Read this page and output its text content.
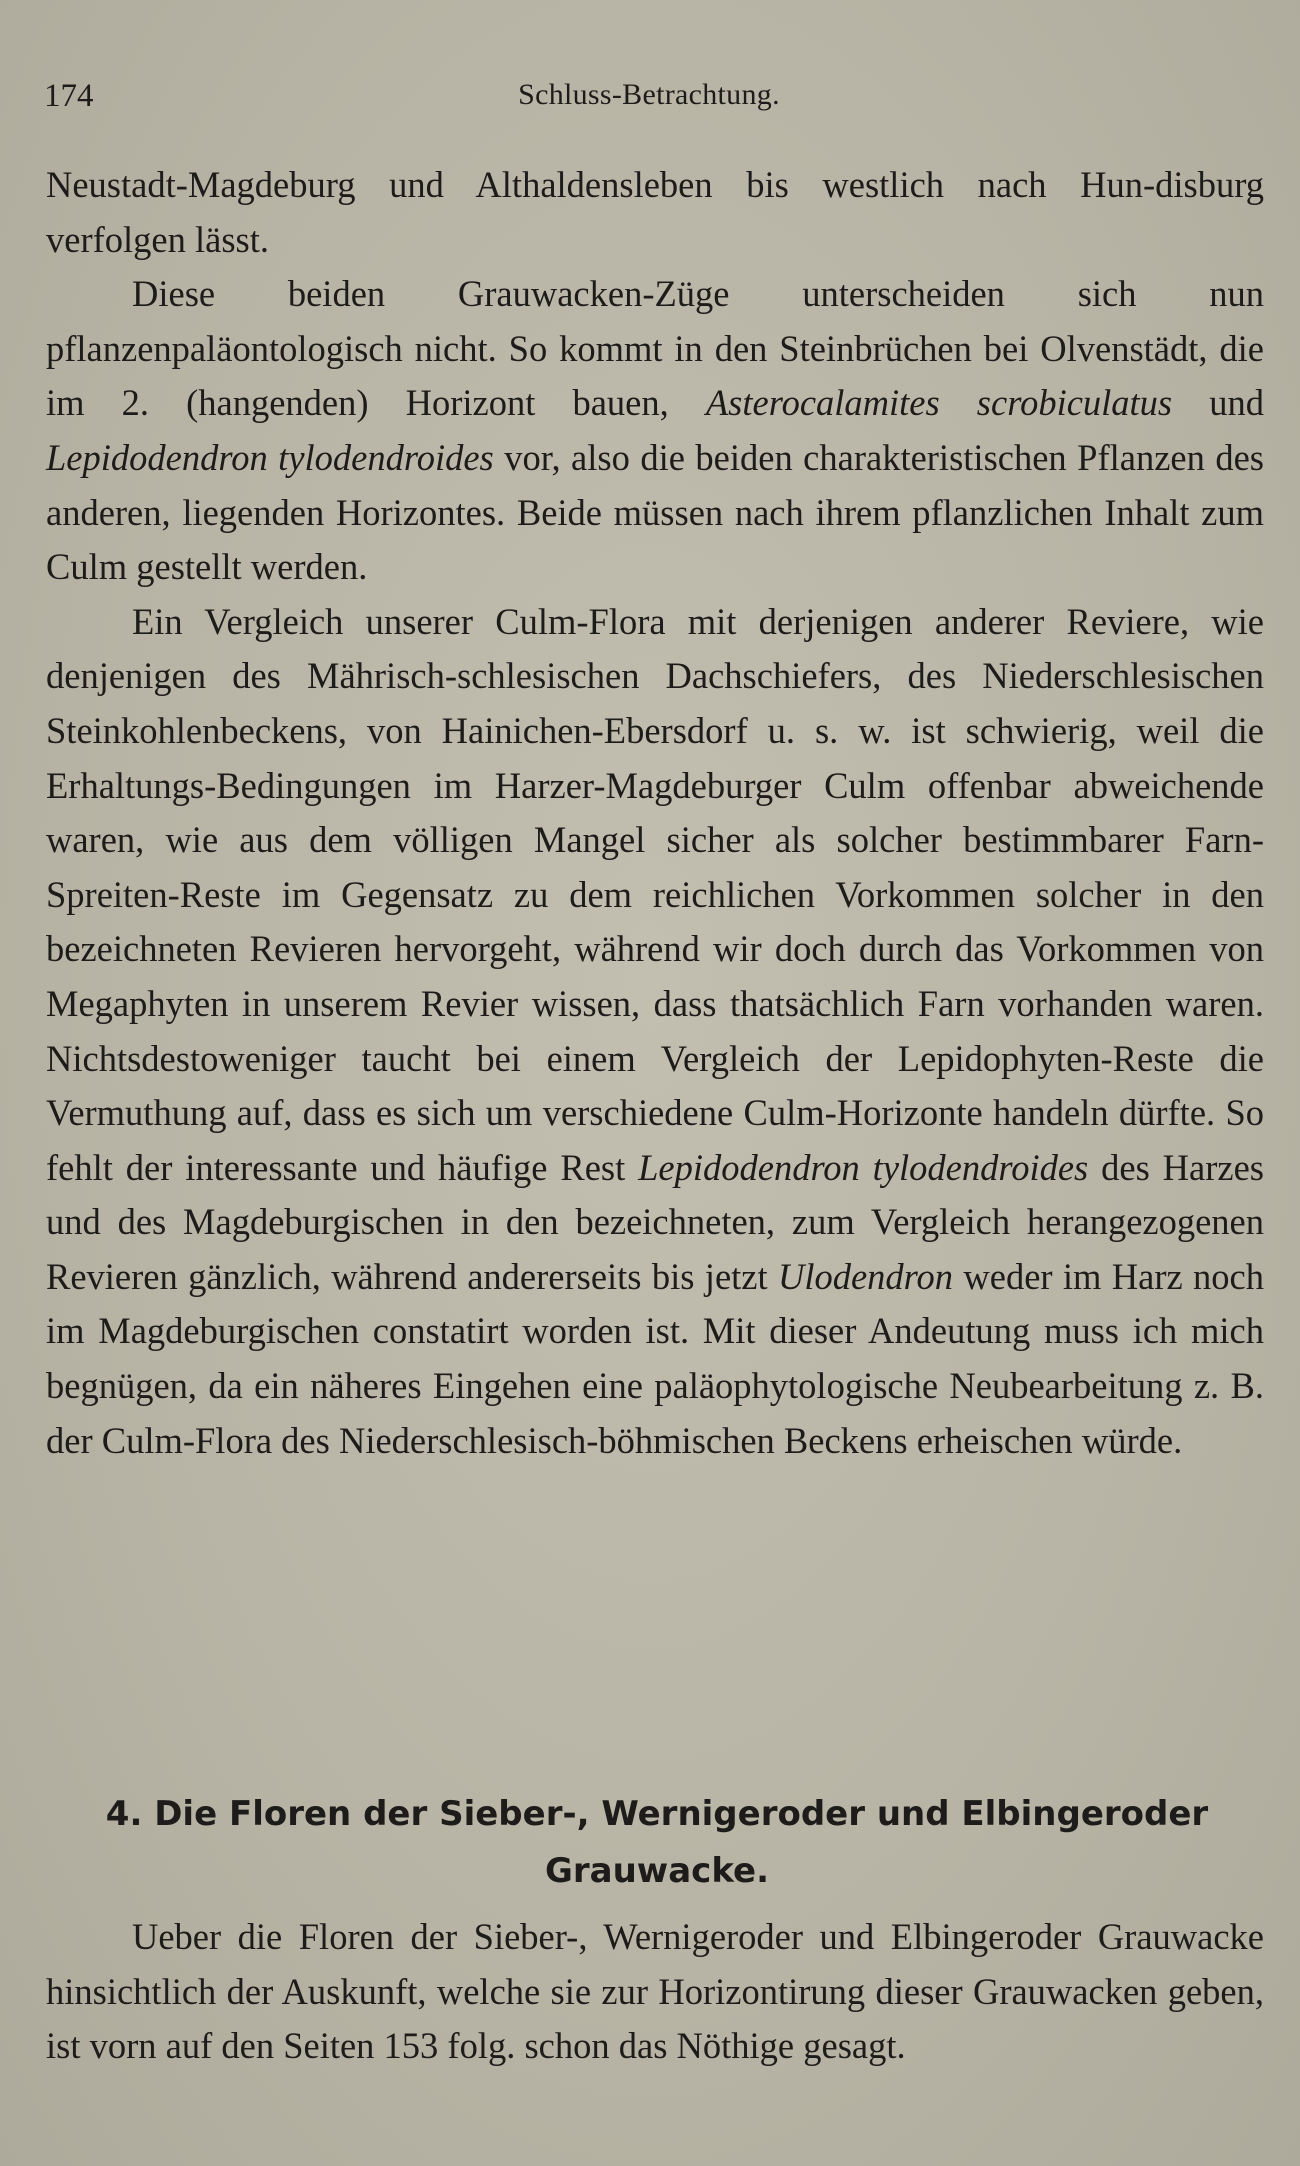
174	Schluss-Betrachtung.

Neustadt-Magdeburg und Althaldensleben bis westlich nach Hun-disburg verfolgen lässt.

Diese beiden Grauwacken-Züge unterscheiden sich nun pflanzenpaläontologisch nicht. So kommt in den Steinbrüchen bei Olvenstädt, die im 2. (hangenden) Horizont bauen, Asterocalamites scrobiculatus und Lepidodendron tylodendroides vor, also die beiden charakteristischen Pflanzen des anderen, liegenden Horizontes. Beide müssen nach ihrem pflanzlichen Inhalt zum Culm gestellt werden.

Ein Vergleich unserer Culm-Flora mit derjenigen anderer Reviere, wie denjenigen des Mährisch-schlesischen Dachschiefers, des Niederschlesischen Steinkohlenbeckens, von Hainichen-Ebersdorf u. s. w. ist schwierig, weil die Erhaltungs-Bedingungen im Harzer-Magdeburger Culm offenbar abweichende waren, wie aus dem völligen Mangel sicher als solcher bestimmbarer Farn-Spreiten-Reste im Gegensatz zu dem reichlichen Vorkommen solcher in den bezeichneten Revieren hervorgeht, während wir doch durch das Vorkommen von Megaphyten in unserem Revier wissen, dass thatsächlich Farn vorhanden waren. Nichtsdestoweniger taucht bei einem Vergleich der Lepidophyten-Reste die Vermuthung auf, dass es sich um verschiedene Culm-Horizonte handeln dürfte. So fehlt der interessante und häufige Rest Lepidodendron tylodendroides des Harzes und des Magdeburgischen in den bezeichneten, zum Vergleich herangezogenen Revieren gänzlich, während andererseits bis jetzt Ulodendron weder im Harz noch im Magdeburgischen constatirt worden ist. Mit dieser Andeutung muss ich mich begnügen, da ein näheres Eingehen eine paläophytologische Neubearbeitung z. B. der Culm-Flora des Niederschlesisch-böhmischen Beckens erheischen würde.

4. Die Floren der Sieber-, Wernigeroder und Elbingeroder Grauwacke.

Ueber die Floren der Sieber-, Wernigeroder und Elbingeroder Grauwacke hinsichtlich der Auskunft, welche sie zur Horizontirung dieser Grauwacken geben, ist vorn auf den Seiten 153 folg. schon das Nöthige gesagt.
